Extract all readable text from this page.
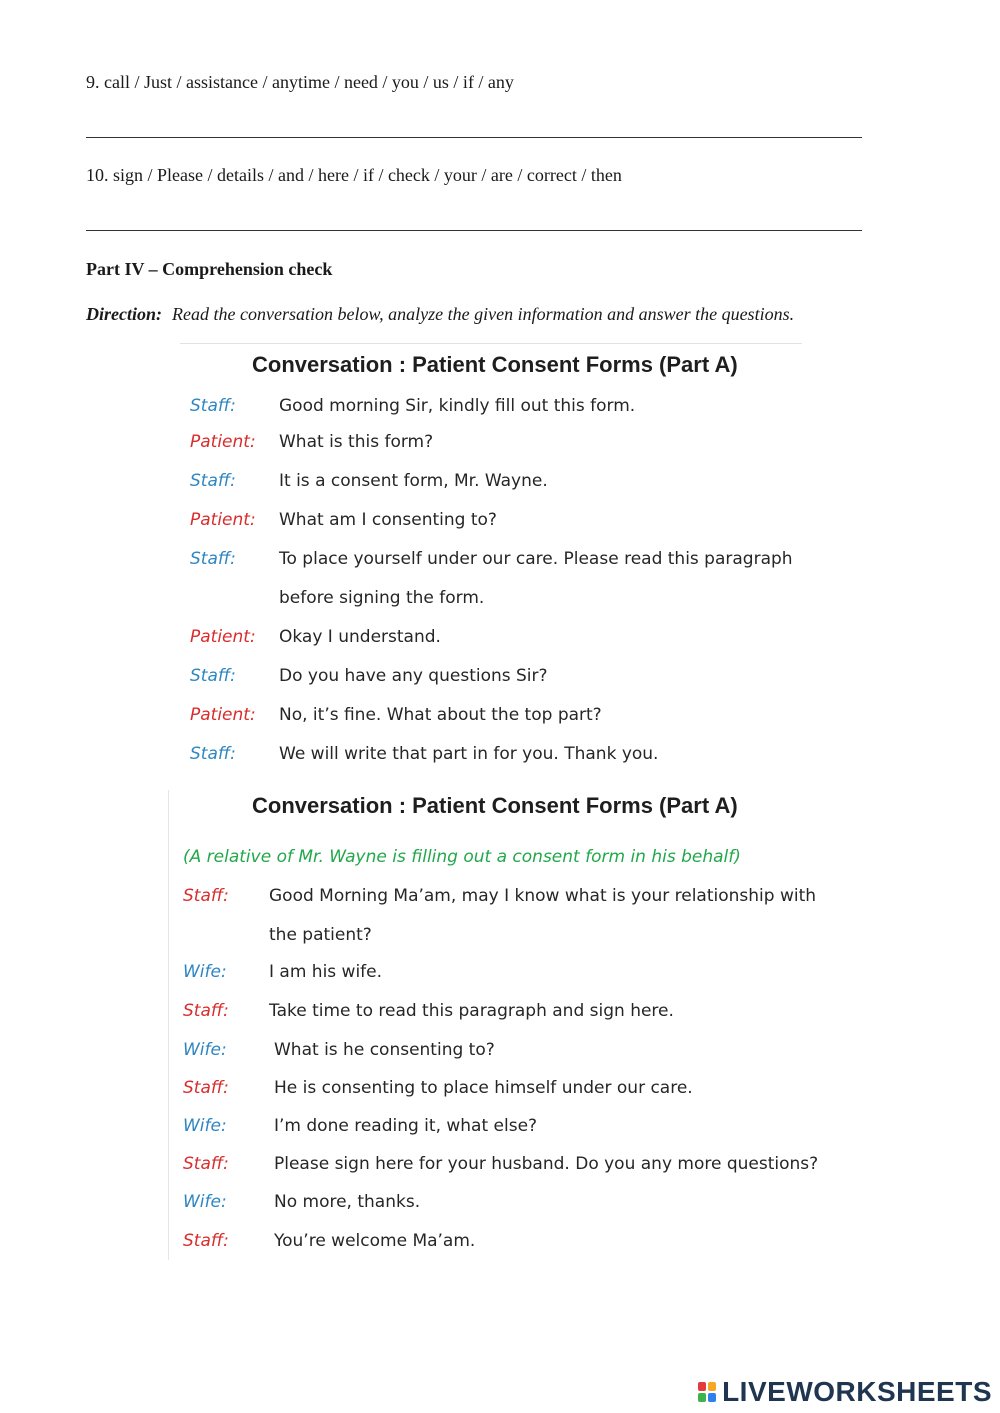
9. call / Just / assistance / anytime / need / you / us / if / any
10. sign / Please / details / and / here / if / check / your / are / correct / then
Part IV – Comprehension check
Direction: Read the conversation below, analyze the given information and answer the questions.
Conversation : Patient Consent Forms (Part A)
Staff:	Good morning Sir, kindly fill out this form.
Patient: What is this form?
Staff:	It is a consent form, Mr. Wayne.
Patient: What am I consenting to?
Staff:	To place yourself under our care. Please read this paragraph
before signing the form.
Patient: Okay I understand.
Staff:	Do you have any questions Sir?
Patient: No, it’s fine. What about the top part?
Staff:	We will write that part in for you. Thank you.
Conversation : Patient Consent Forms (Part A)
(A relative of Mr. Wayne is filling out a consent form in his behalf)
Staff: Good Morning Ma’am, may I know what is your relationship with
the patient?
Wife: I am his wife.
Staff: Take time to read this paragraph and sign here.
Wife:	What is he consenting to?
Staff:	He is consenting to place himself under our care.
Wife:	I’m done reading it, what else?
Staff:	Please sign here for your husband. Do you any more questions?
Wife:	No more, thanks.
Staff:	You’re welcome Ma’am.
LIVEWORKSHEETS
